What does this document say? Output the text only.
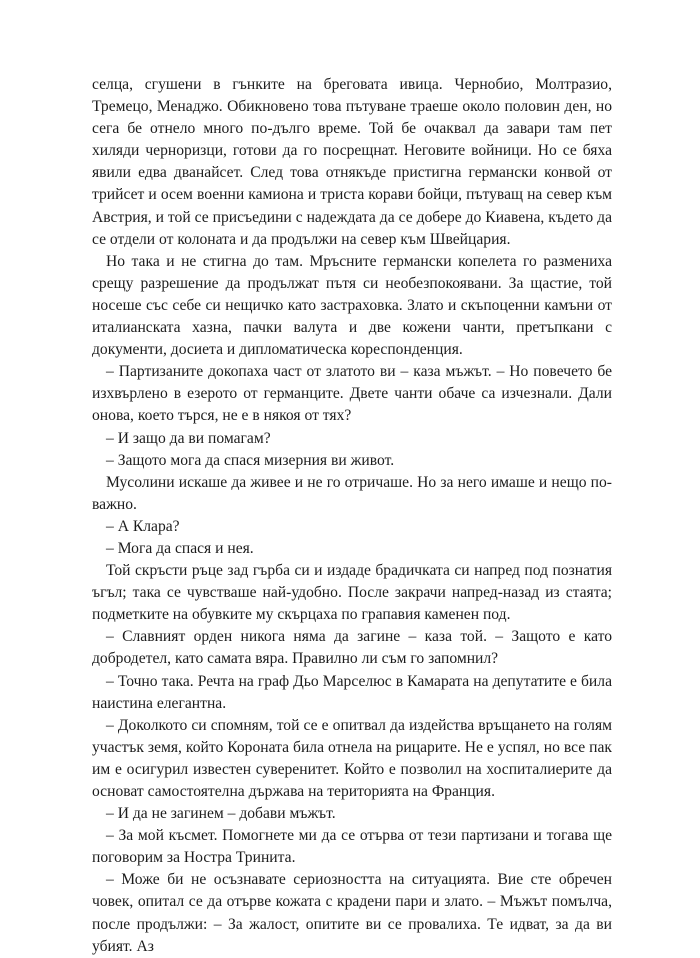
селца, сгушени в гънките на бреговата ивица. Чернобио, Молтразио, Тремецо, Менаджо. Обикновено това пътуване траеше около половин ден, но сега бе отнело много по-дълго време. Той бе очаквал да завари там пет хиляди черноризци, готови да го посрещнат. Неговите войници. Но се бяха явили едва дванайсет. След това отнякъде пристигна германски конвой от трийсет и осем военни камиона и триста корави бойци, пътуващ на север към Австрия, и той се присъедини с надеждата да се добере до Киавена, където да се отдели от колоната и да продължи на север към Швейцария.

Но така и не стигна до там. Мръсните германски копелета го размениха срещу разрешение да продължат пътя си необезпокоявани. За щастие, той носеше със себе си нещичко като застраховка. Злато и скъпоценни камъни от италианската хазна, пачки валута и две кожени чанти, претъпкани с документи, досиета и дипломатическа кореспонденция.

– Партизаните докопаха част от златото ви – каза мъжът. – Но повечето бе изхвърлено в езерото от германците. Двете чанти обаче са изчезнали. Дали онова, което търся, не е в някоя от тях?

– И защо да ви помагам?

– Защото мога да спася мизерния ви живот.

Мусолини искаше да живее и не го отричаше. Но за него имаше и нещо по-важно.

– А Клара?

– Мога да спася и нея.

Той скръсти ръце зад гърба си и издаде брадичката си напред под познатия ъгъл; така се чувстваше най-удобно. После закрачи напред-назад из стаята; подметките на обувките му скърцаха по грапавия каменен под.

– Славният орден никога няма да загине – каза той. – Защото е като добродетел, като самата вяра. Правилно ли съм го запомнил?

– Точно така. Речта на граф Дьо Марселюс в Камарата на депутатите е била наистина елегантна.

– Доколкото си спомням, той се е опитвал да издейства връщането на голям участък земя, който Короната била отнела на рицарите. Не е успял, но все пак им е осигурил известен суверенитет. Който е позволил на хоспиталиерите да основат самостоятелна държава на територията на Франция.

– И да не загинем – добави мъжът.

– За мой късмет. Помогнете ми да се отърва от тези партизани и тогава ще поговорим за Ностра Тринита.

– Може би не осъзнавате сериозността на ситуацията. Вие сте обречен човек, опитал се да отърве кожата с крадени пари и злато. – Мъжът помълча, после продължи: – За жалост, опитите ви се провалиха. Те идват, за да ви убият. Аз
